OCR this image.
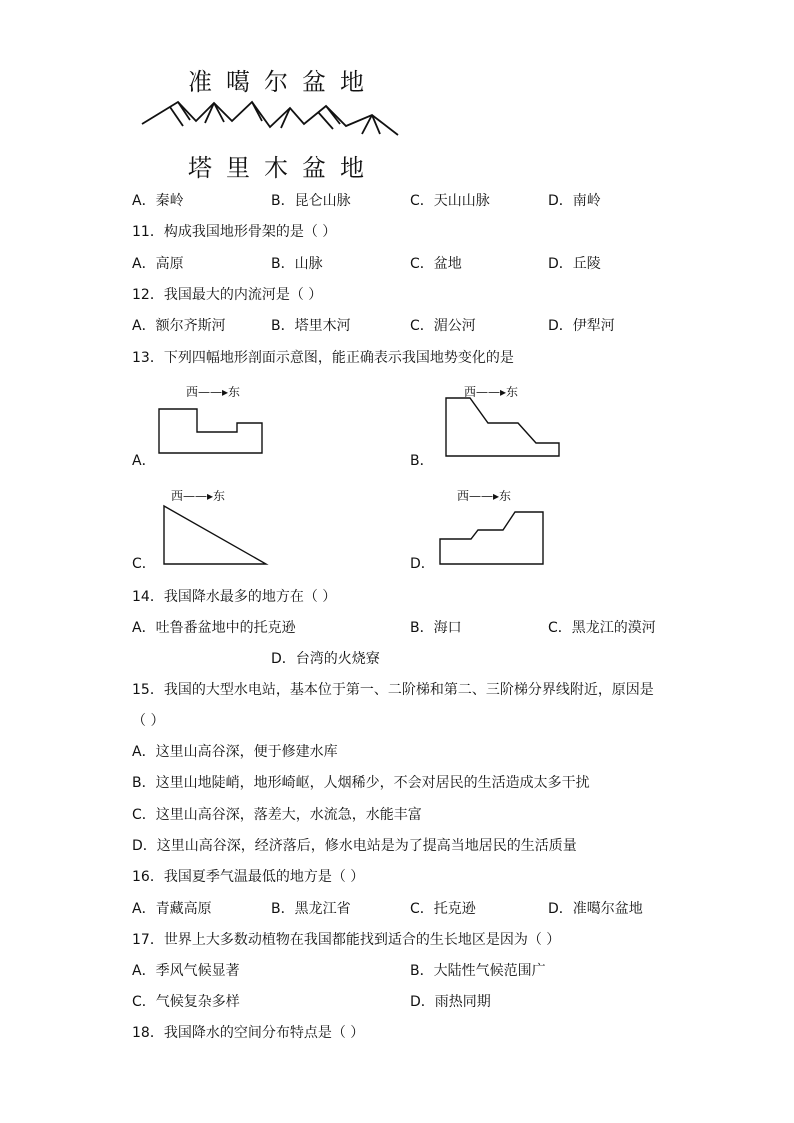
准噶尔盆地
塔里木盆地
A．秦岭	B．昆仑山脉	C．天山山脉	D．南岭
11．构成我国地形骨架的是（ ）
A．高原	B．山脉	C．盆地	D．丘陵
12．我国最大的内流河是（ ）
A．额尔齐斯河	B．塔里木河	C．湄公河	D．伊犁河
13．下列四幅地形剖面示意图，能正确表示我国地势变化的是
西——▸东
A．
西——▸东
B．
西——▸东
C．
西——▸东
D．
14．我国降水最多的地方在（ ）
A．吐鲁番盆地中的托克逊	B．海口	C．黑龙江的漠河
D．台湾的火烧寮
15．我国的大型水电站，基本位于第一、二阶梯和第二、三阶梯分界线附近，原因是
（ ）
A．这里山高谷深，便于修建水库
B．这里山地陡峭，地形崎岖，人烟稀少，不会对居民的生活造成太多干扰
C．这里山高谷深，落差大，水流急，水能丰富
D．这里山高谷深，经济落后，修水电站是为了提高当地居民的生活质量
16．我国夏季气温最低的地方是（ ）
A．青藏高原	B．黑龙江省	C．托克逊	D．准噶尔盆地
17．世界上大多数动植物在我国都能找到适合的生长地区是因为（ ）
A．季风气候显著	B．大陆性气候范围广
C．气候复杂多样	D．雨热同期
18．我国降水的空间分布特点是（ ）
